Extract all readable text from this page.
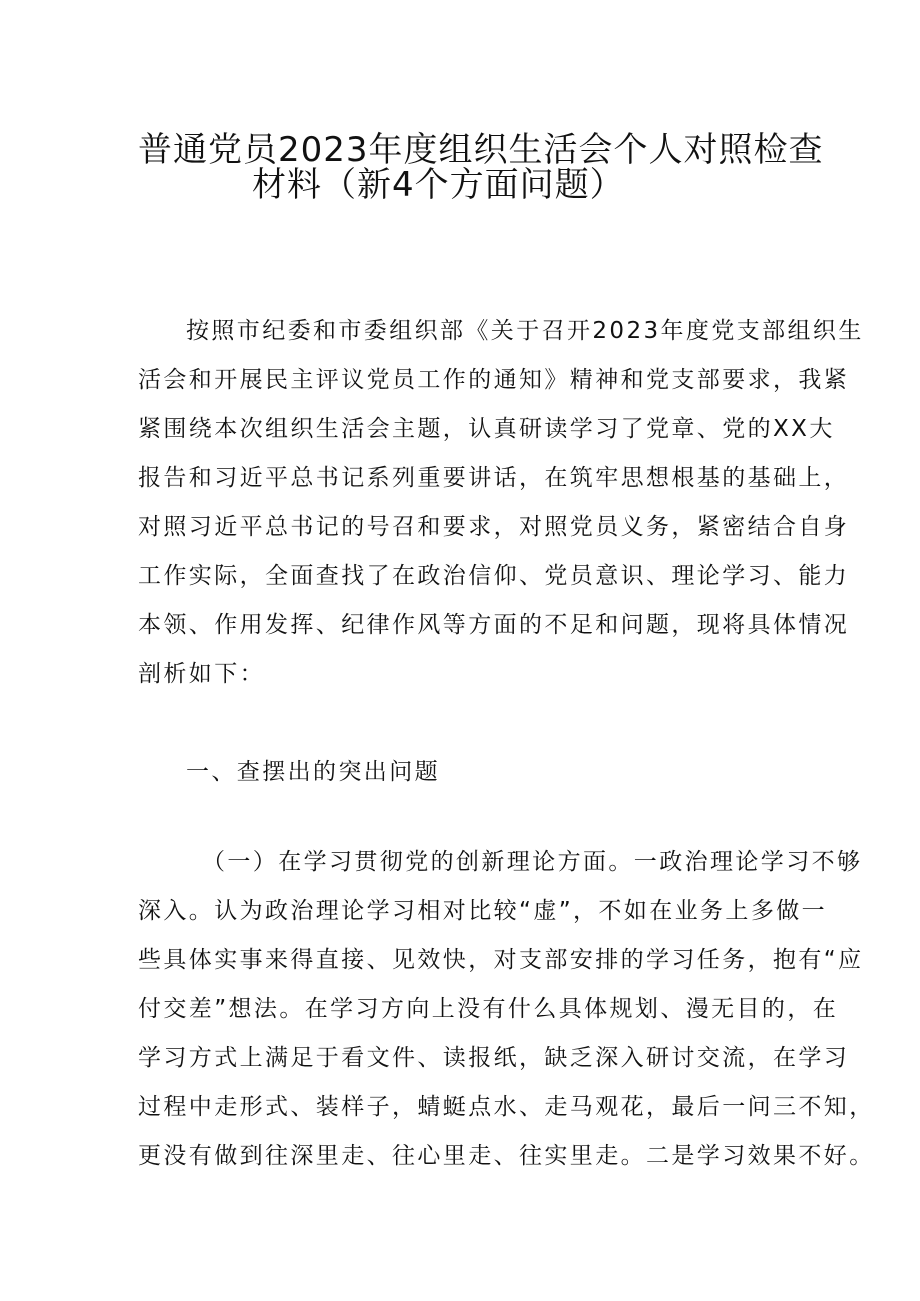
普通党员2023年度组织生活会个人对照检查
材料（新4个方面问题）
按照市纪委和市委组织部《关于召开2023年度党支部组织生
活会和开展民主评议党员工作的通知》精神和党支部要求，我紧
紧围绕本次组织生活会主题，认真研读学习了党章、党的XX大
报告和习近平总书记系列重要讲话，在筑牢思想根基的基础上，
对照习近平总书记的号召和要求，对照党员义务，紧密结合自身
工作实际，全面查找了在政治信仰、党员意识、理论学习、能力
本领、作用发挥、纪律作风等方面的不足和问题，现将具体情况
剖析如下：
一、查摆出的突出问题
（一）在学习贯彻党的创新理论方面。一政治理论学习不够
深入。认为政治理论学习相对比较“虚”，不如在业务上多做一
些具体实事来得直接、见效快，对支部安排的学习任务，抱有“应
付交差”想法。在学习方向上没有什么具体规划、漫无目的，在
学习方式上满足于看文件、读报纸，缺乏深入研讨交流，在学习
过程中走形式、装样子，蜻蜓点水、走马观花，最后一问三不知，
更没有做到往深里走、往心里走、往实里走。二是学习效果不好。
